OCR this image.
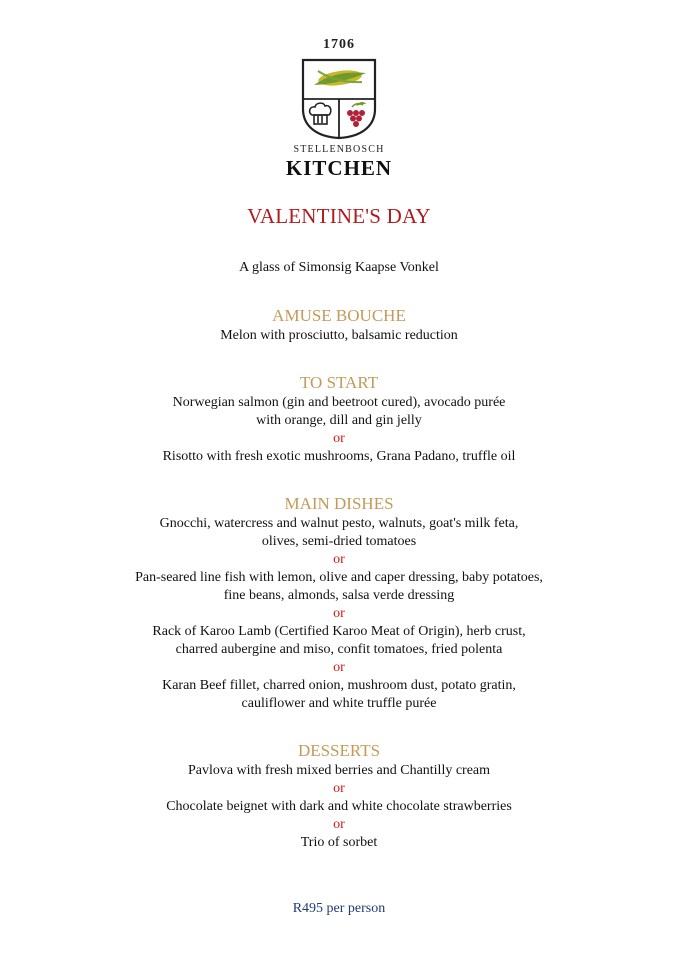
1706
STELLENBOSCH
KITCHEN
VALENTINE'S DAY
A glass of Simonsig Kaapse Vonkel
AMUSE BOUCHE
Melon with prosciutto, balsamic reduction
TO START
Norwegian salmon (gin and beetroot cured), avocado purée
with orange, dill and gin jelly
or
Risotto with fresh exotic mushrooms, Grana Padano, truffle oil
MAIN DISHES
Gnocchi, watercress and walnut pesto, walnuts, goat's milk feta,
olives, semi-dried tomatoes
or
Pan-seared line fish with lemon, olive and caper dressing, baby potatoes,
fine beans, almonds, salsa verde dressing
or
Rack of Karoo Lamb (Certified Karoo Meat of Origin), herb crust,
charred aubergine and miso, confit tomatoes, fried polenta
or
Karan Beef fillet, charred onion, mushroom dust, potato gratin,
cauliflower and white truffle purée
DESSERTS
Pavlova with fresh mixed berries and Chantilly cream
or
Chocolate beignet with dark and white chocolate strawberries
or
Trio of sorbet
R495 per person
